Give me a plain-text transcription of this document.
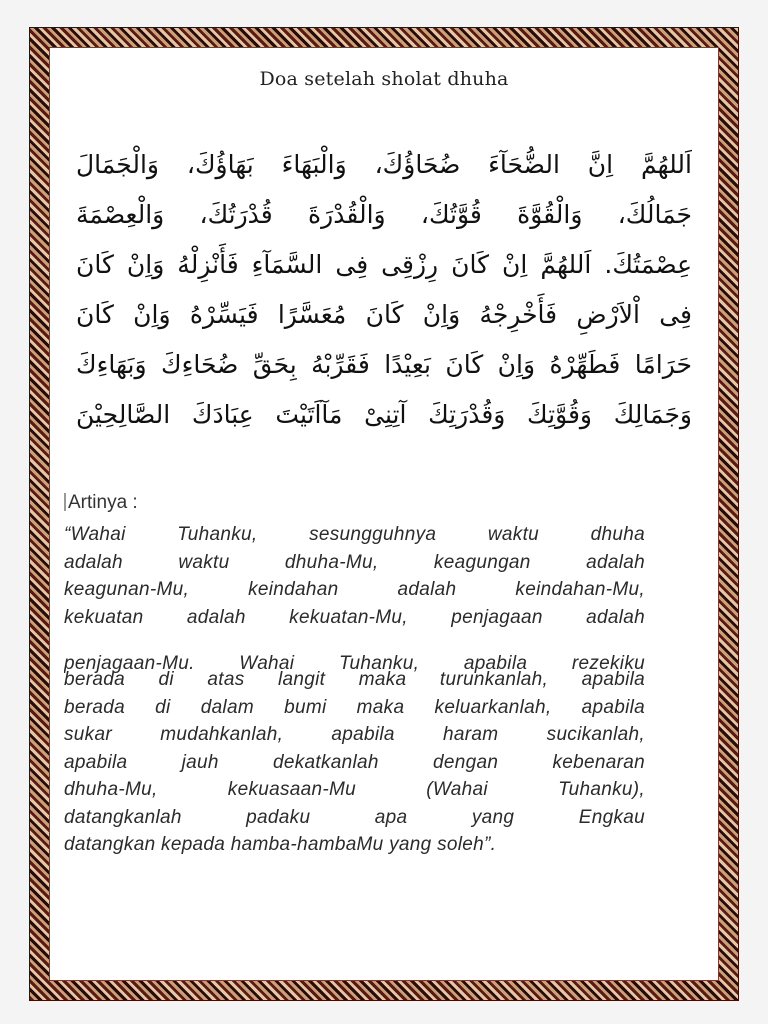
Doa setelah sholat dhuha
اَللهُمَّ اِنَّ الضُّحَآءَ ضُحَاؤُكَ، وَالْبَهَاءَ بَهَاؤُكَ، وَالْجَمَالَ
جَمَالُكَ، وَالْقُوَّةَ قُوَّتُكَ، وَالْقُدْرَةَ قُدْرَتُكَ، وَالْعِصْمَةَ
عِصْمَتُكَ. اَللهُمَّ اِنْ كَانَ رِزْقِى فِى السَّمَآءِ فَأَنْزِلْهُ وَاِنْ كَانَ
فِى اْلاَرْضِ فَأَخْرِجْهُ وَاِنْ كَانَ مُعَسَّرًا فَيَسِّرْهُ وَاِنْ كَانَ
حَرَامًا فَطَهِّرْهُ وَاِنْ كَانَ بَعِيْدًا فَقَرِّبْهُ بِحَقِّ ضُحَاءِكَ وَبَهَاءِكَ
وَجَمَالِكَ وَقُوَّتِكَ وَقُدْرَتِكَ آتِنِىْ مَآاَتَيْتَ عِبَادَكَ الصَّالِحِيْنَ
Artinya :
“Wahai Tuhanku, sesungguhnya waktu dhuha
adalah waktu dhuha-Mu, keagungan adalah
keagunan-Mu, keindahan adalah keindahan-Mu,
kekuatan adalah kekuatan-Mu, penjagaan adalah
penjagaan-Mu. Wahai Tuhanku, apabila rezekiku
berada di atas langit maka turunkanlah, apabila
berada di dalam bumi maka keluarkanlah, apabila
sukar mudahkanlah, apabila haram sucikanlah,
apabila jauh dekatkanlah dengan kebenaran
dhuha-Mu, kekuasaan-Mu (Wahai Tuhanku),
datangkanlah padaku apa yang Engkau
datangkan kepada hamba-hambaMu yang soleh”.
